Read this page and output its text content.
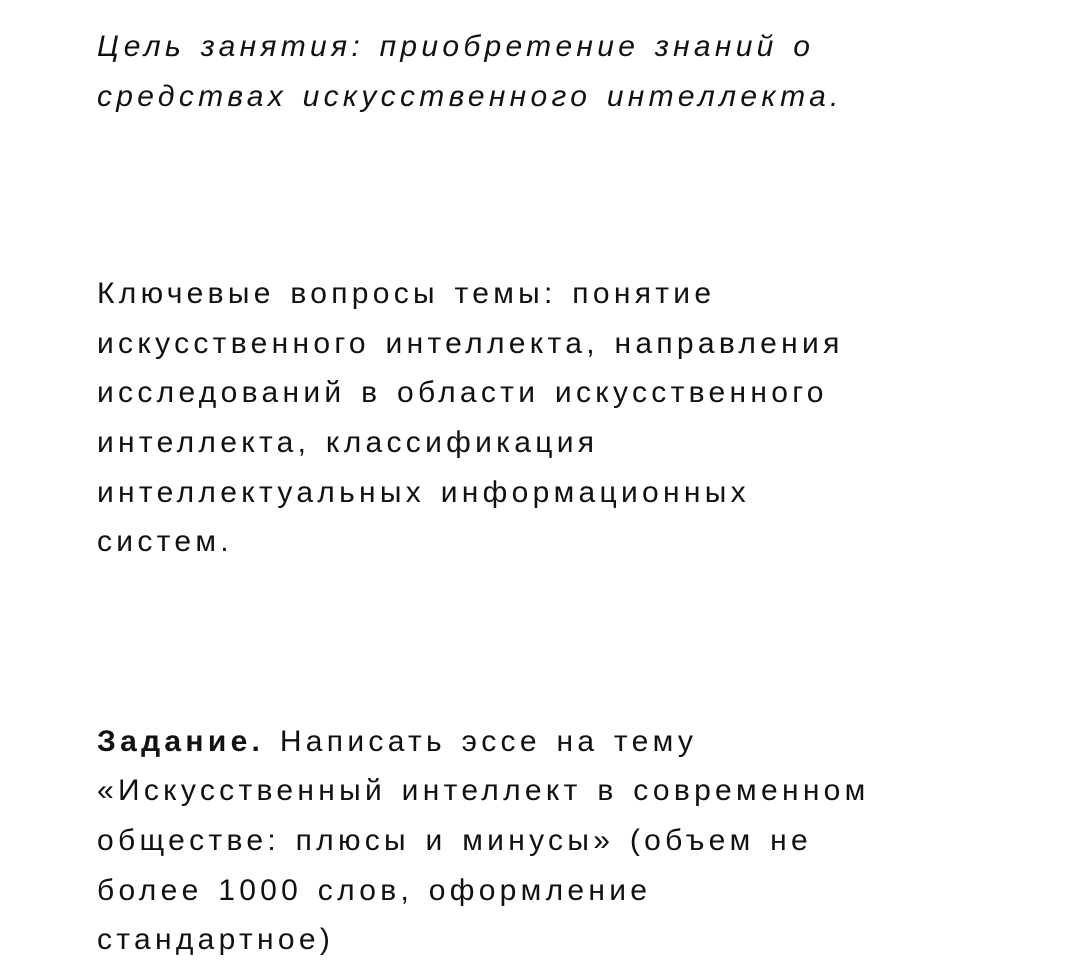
Цель занятия: приобретение знаний о
средствах искусственного интеллекта.

Ключевые вопросы темы: понятие
искусственного интеллекта, направления
исследований в области искусственного
интеллекта, классификация
интеллектуальных информационных
систем.

Задание. Написать эссе на тему
«Искусственный интеллект в современном
обществе: плюсы и минусы» (объем не
более 1000 слов, оформление
стандартное)
